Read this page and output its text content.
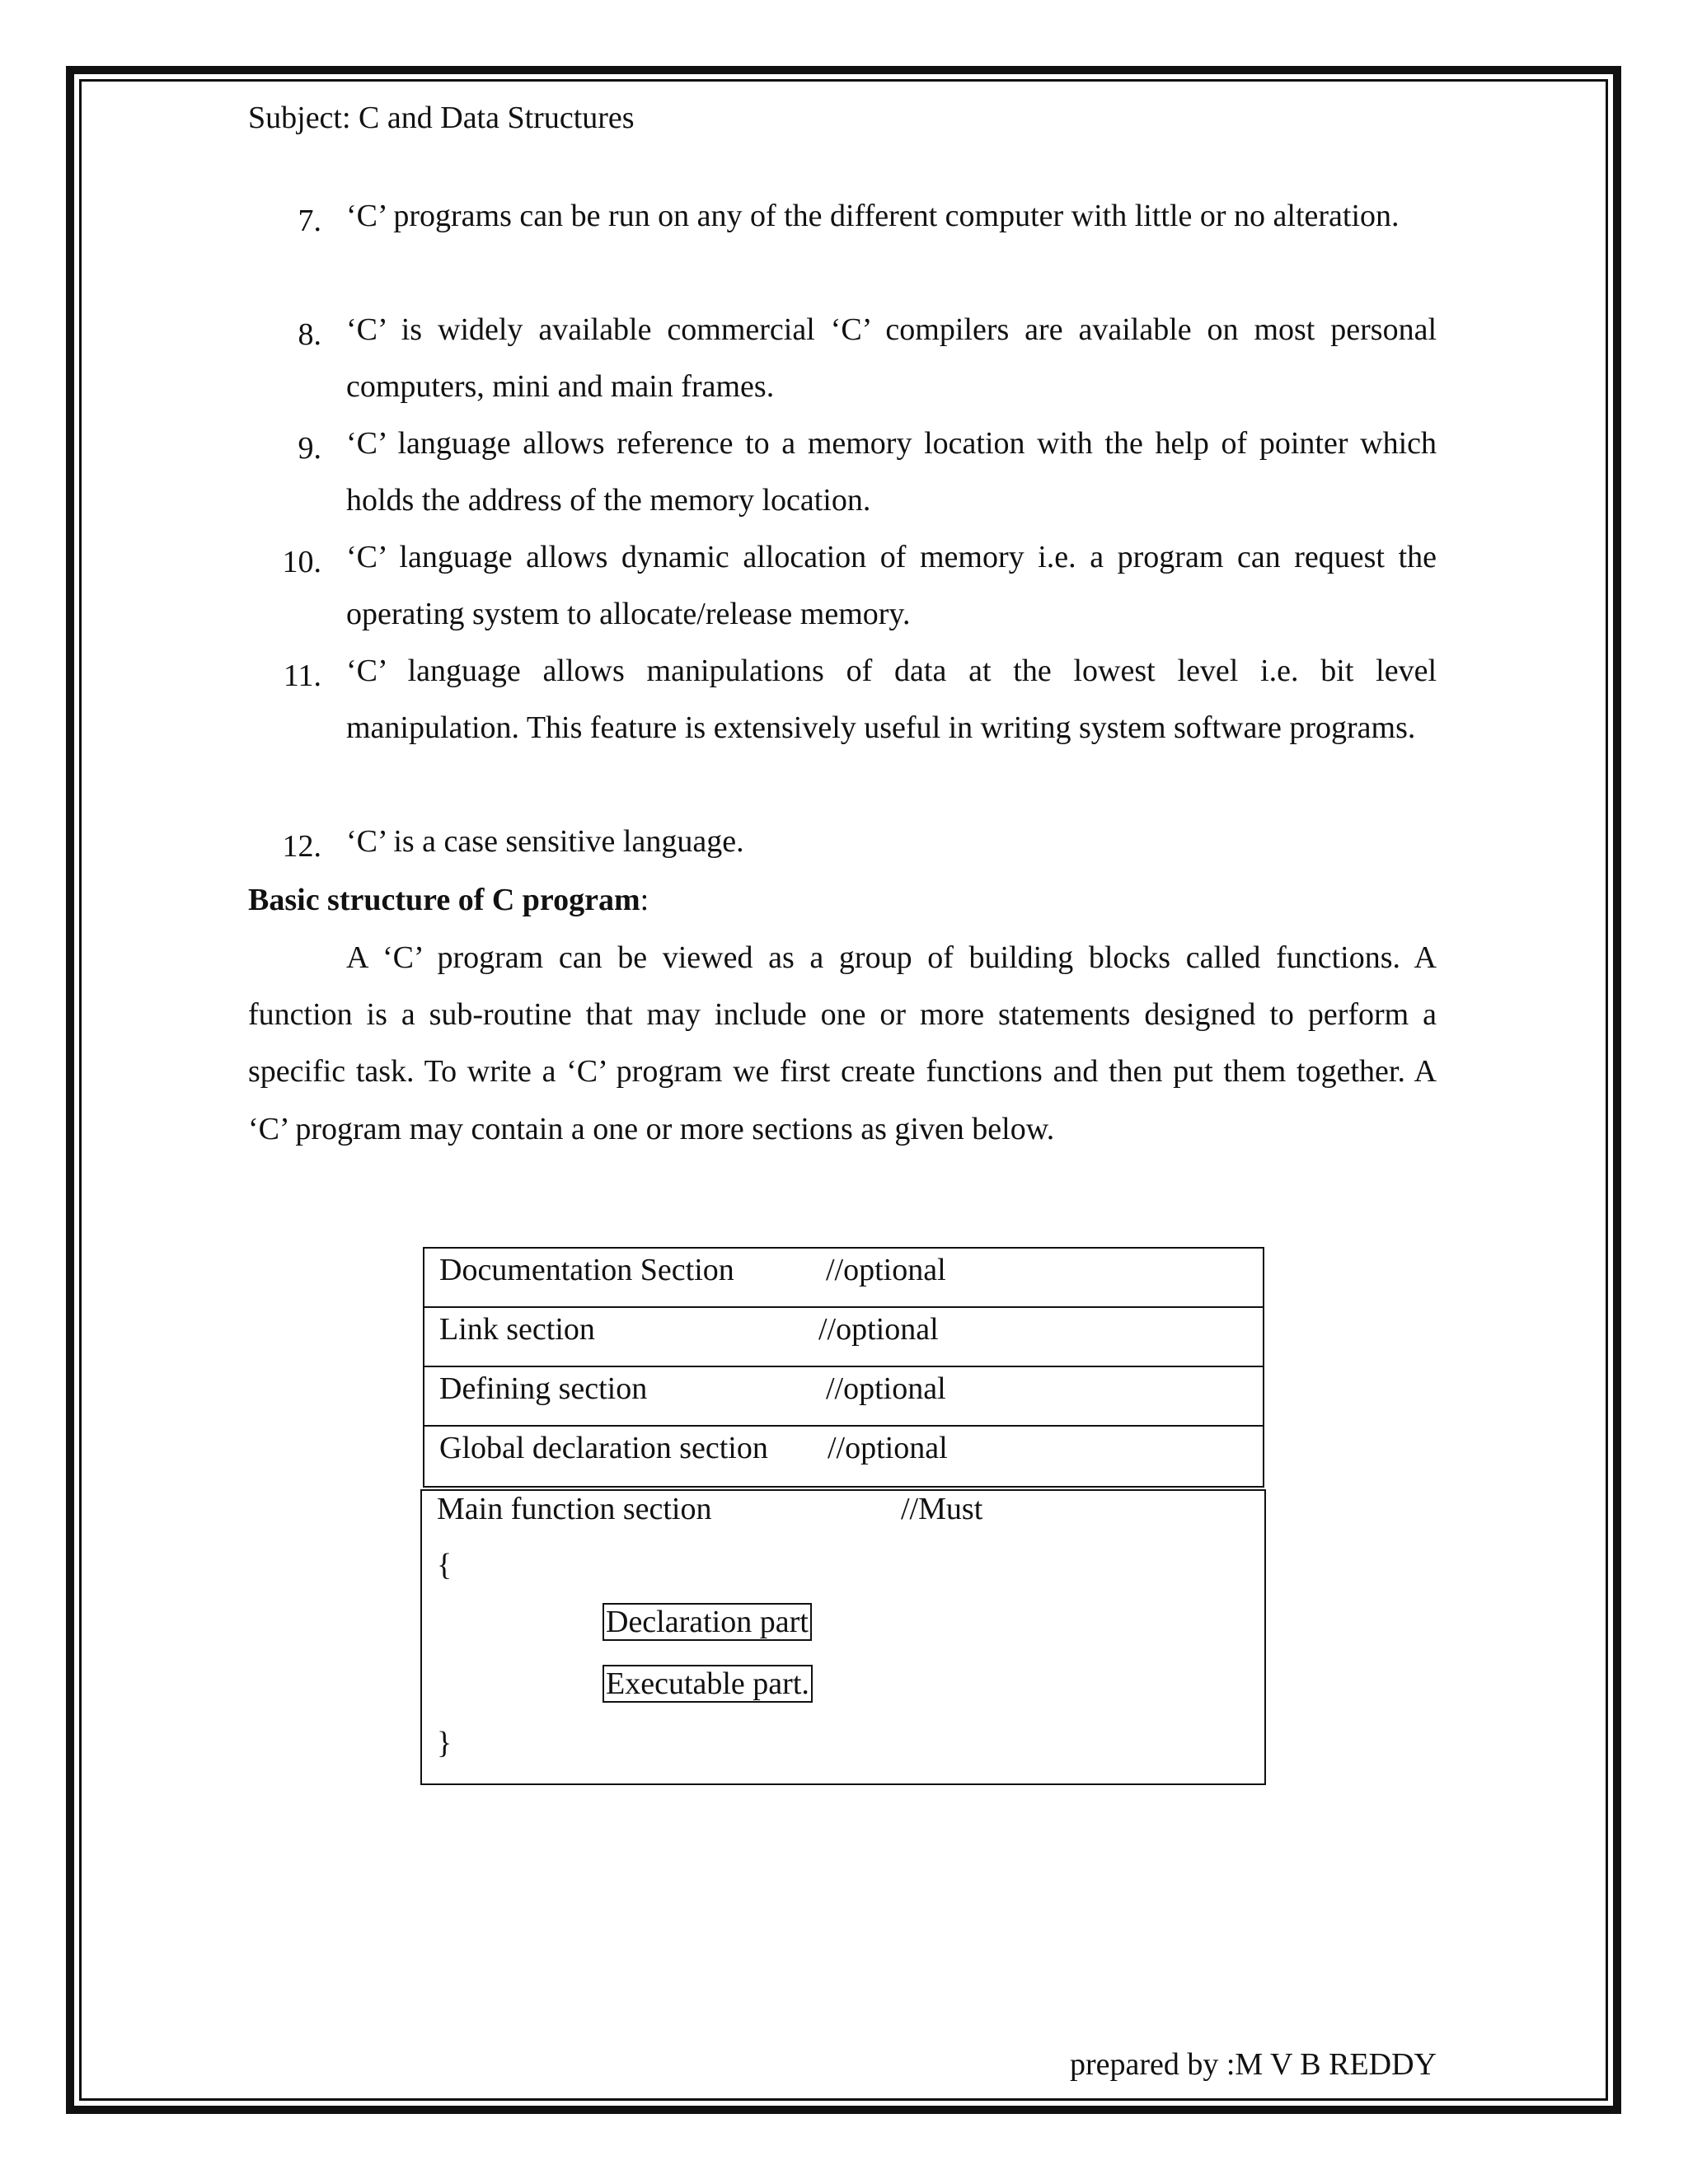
Subject: C and Data Structures
7. ‘C’ programs can be run on any of the different computer with little or no alteration.

8. ‘C’ is widely available commercial ‘C’ compilers are available on most personal computers, mini and main frames.

9. ‘C’ language allows reference to a memory location with the help of pointer which holds the address of the memory location.

10. ‘C’ language allows dynamic allocation of memory i.e. a program can request the operating system to allocate/release memory.

11. ‘C’ language allows manipulations of data at the lowest level i.e. bit level manipulation. This feature is extensively useful in writing system software programs.

12. ‘C’ is a case sensitive language.

Basic structure of C program:

A ‘C’ program can be viewed as a group of building blocks called functions. A function is a sub-routine that may include one or more statements designed to perform a specific task. To write a ‘C’ program we first create functions and then put them together. A ‘C’ program may contain a one or more sections as given below.

Documentation Section	//optional
Link section	//optional
Defining section	//optional
Global declaration section //optional
Main function section	//Must
{
Declaration part
Executable part.
}
prepared by :M V B REDDY
